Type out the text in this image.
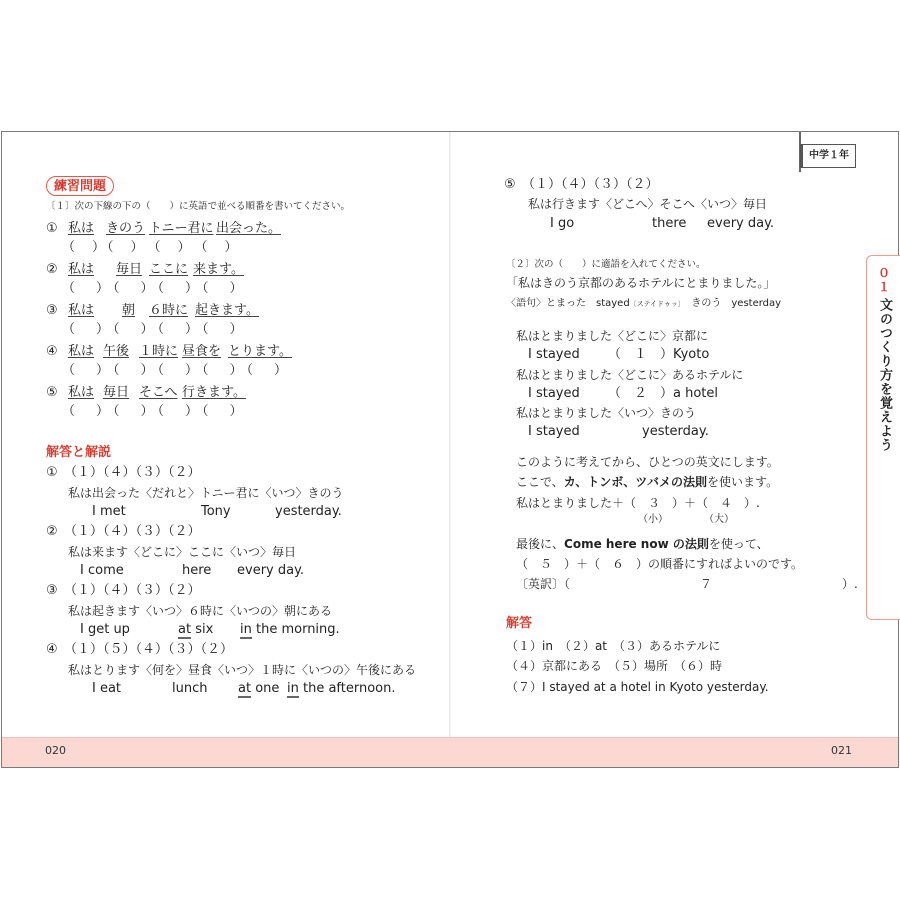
練習問題
〔１〕次の下線の下の（　　）に英語で並べる順番を書いてください。
① 私は きのう トニー君に 出会った。
（　）（　）　（　）　（　）
② 私は 毎日 ここに 来ます。
（　）（　）（　）（　）
③ 私は 朝 ６時に 起きます。
（　）（　）（　）（　）
④ 私は 午後 １時に 昼食を とります。
（　）（　）（　）（　）（　）
⑤ 私は 毎日 そこへ 行きます。
（　）（　）（　）（　）
解答と解説
① （１）（４）（３）（２）
私は出会った〈だれと〉トニー君に〈いつ〉きのう
I met	Tony	yesterday.
② （１）（４）（３）（２）
私は来ます〈どこに〉ここに〈いつ〉毎日
I come	here every day.
③ （１）（４）（３）（２）
私は起きます〈いつ〉６時に〈いつの〉朝にある
I get up	at six in the morning.
④ （１）（５）（４）（３）（２）
私はとります〈何を〉昼食〈いつ〉１時に〈いつの〉午後にある
I eat	lunch at one in the afternoon.
⑤ （１）（４）（３）（２）
私は行きます〈どこへ〉そこへ〈いつ〉毎日
I go	there every day.
〔２〕次の（　　）に適語を入れてください。
「私はきのう京都のあるホテルにとまりました。」
〈語句〉とまった　stayed〔ステイドゥッ〕　 きのう　yesterday
私はとまりました〈どこに〉京都に
I stayed （　１　）Kyoto
私はとまりました〈どこに〉あるホテルに
I stayed （　２　）a hotel
私はとまりました〈いつ〉きのう
I stayed	yesterday.
このように考えてから、ひとつの英文にします。
ここで、カ、トンボ、ツバメの法則を使います。
私はとまりました＋（　３　）＋（　４　）.
（小）	（大）
最後に、Come here now の法則を使って、
（　５　）＋（　６　）の順番にすればよいのです。
〔英訳〕（	７	）.
解答
（１）in　（２）at　（３）あるホテルに
（４）京都にある　（５）場所　（６）時
（７）I stayed at a hotel in Kyoto yesterday.
中学１年
０１
文のつくり方を覚えよう
020	021
